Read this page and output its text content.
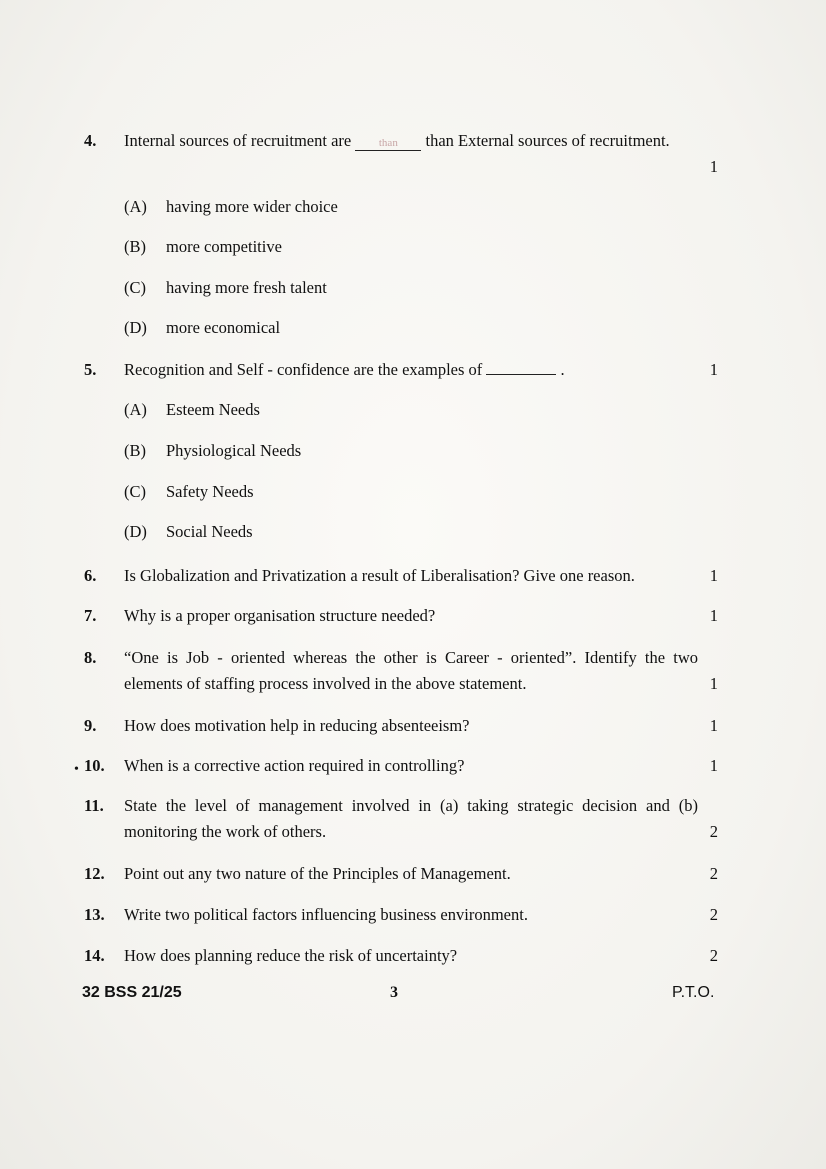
4.	Internal sources of recruitment are	than than External sources of recruitment.
1
(A) having more wider choice
(B) more competitive
(C) having more fresh talent
(D) more economical
5.	Recognition and Self - confidence are the examples of	.	1
(A) Esteem Needs
(B) Physiological Needs
(C) Safety Needs
(D) Social Needs
6.	Is Globalization and Privatization a result of Liberalisation? Give one reason.	1
7.	Why is a proper organisation structure needed?	1
8.	“One is Job - oriented whereas the other is Career - oriented”. Identify the two elements of staffing process involved in the above statement.	1
9.	How does motivation help in reducing absenteeism?	1
• 10.	When is a corrective action required in controlling?	1
11.	State the level of management involved in (a) taking strategic decision and (b) monitoring the work of others.	2
12.	Point out any two nature of the Principles of Management.	2
13.	Write two political factors influencing business environment.	2
14.	How does planning reduce the risk of uncertainty?	2
32 BSS 21/25	3	P.T.O.
